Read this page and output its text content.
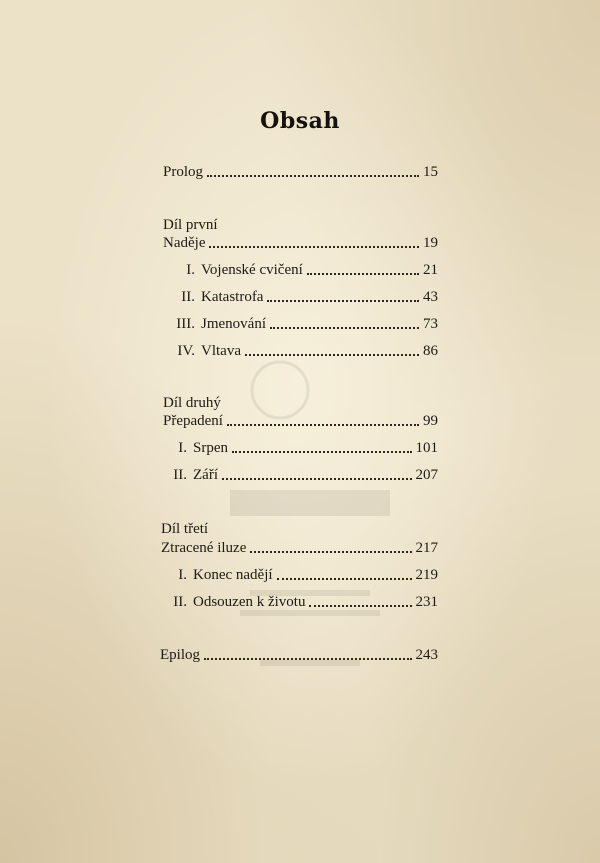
Obsah
Prolog	15
Díl první
Naděje	19
I. Vojenské cvičení	21
II. Katastrofa	43
III. Jmenování	73
IV. Vltava	86
Díl druhý
Přepadení	99
I. Srpen	101
II. Září	207
Díl třetí
Ztracené iluze	217
I. Konec nadějí	219
II. Odsouzen k životu	231
Epilog	243
